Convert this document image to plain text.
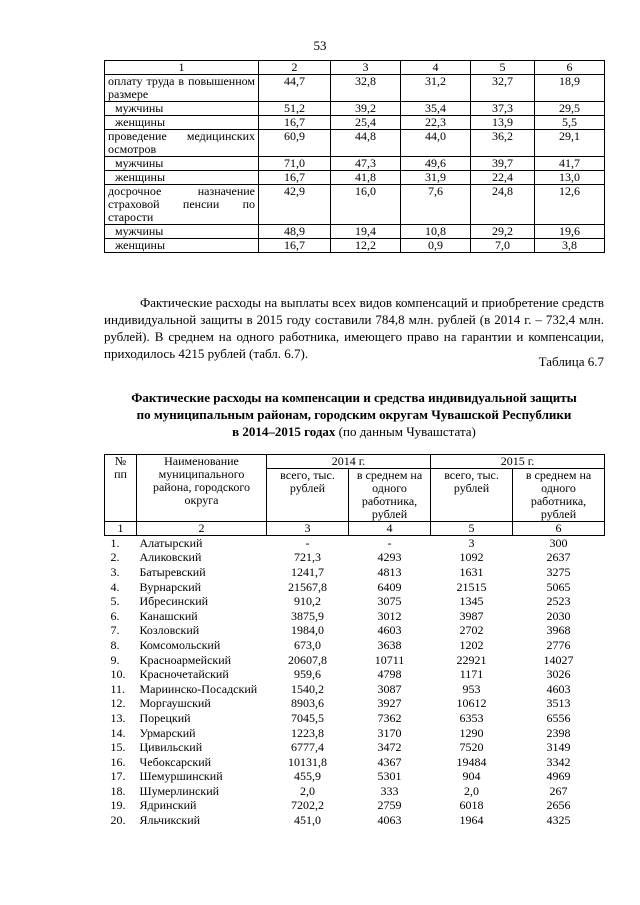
53
1	2	3	4	5	6
оплату труда в повышенном размере	44,7	32,8	31,2	32,7	18,9
мужчины	51,2	39,2	35,4	37,3	29,5
женщины	16,7	25,4	22,3	13,9	5,5
проведение медицинских осмотров	60,9	44,8	44,0	36,2	29,1
мужчины	71,0	47,3	49,6	39,7	41,7
женщины	16,7	41,8	31,9	22,4	13,0
досрочное назначение страховой пенсии по старости	42,9	16,0	7,6	24,8	12,6
мужчины	48,9	19,4	10,8	29,2	19,6
женщины	16,7	12,2	0,9	7,0	3,8

Фактические расходы на выплаты всех видов компенсаций и приобретение средств индивидуальной защиты в 2015 году составили 784,8 млн. рублей (в 2014 г. – 732,4 млн. рублей). В среднем на одного работника, имеющего право на гарантии и компенсации, приходилось 4215 рублей (табл. 6.7).

Таблица 6.7
Фактические расходы на компенсации и средства индивидуальной защиты
по муниципальным районам, городским округам Чувашской Республики
в 2014–2015 годах (по данным Чувашстата)
№ пп	Наименование муниципального района, городского округа	2014 г.		2015 г.	
		всего, тыс. рублей	в среднем на одного работника, рублей	всего, тыс. рублей	в среднем на одного работника, рублей
1	2	3	4	5	6
1.	Алатырский	-	-	3	300
2.	Аликовский	721,3	4293	1092	2637
3.	Батыревский	1241,7	4813	1631	3275
4.	Вурнарский	21567,8	6409	21515	5065
5.	Ибресинский	910,2	3075	1345	2523
6.	Канашский	3875,9	3012	3987	2030
7.	Козловский	1984,0	4603	2702	3968
8.	Комсомольский	673,0	3638	1202	2776
9.	Красноармейский	20607,8	10711	22921	14027
10.	Красночетайский	959,6	4798	1171	3026
11.	Мариинско-Посадский	1540,2	3087	953	4603
12.	Моргаушский	8903,6	3927	10612	3513
13.	Порецкий	7045,5	7362	6353	6556
14.	Урмарский	1223,8	3170	1290	2398
15.	Цивильский	6777,4	3472	7520	3149
16.	Чебоксарский	10131,8	4367	19484	3342
17.	Шемуршинский	455,9	5301	904	4969
18.	Шумерлинский	2,0	333	2,0	267
19.	Ядринский	7202,2	2759	6018	2656
20.	Яльчикский	451,0	4063	1964	4325
